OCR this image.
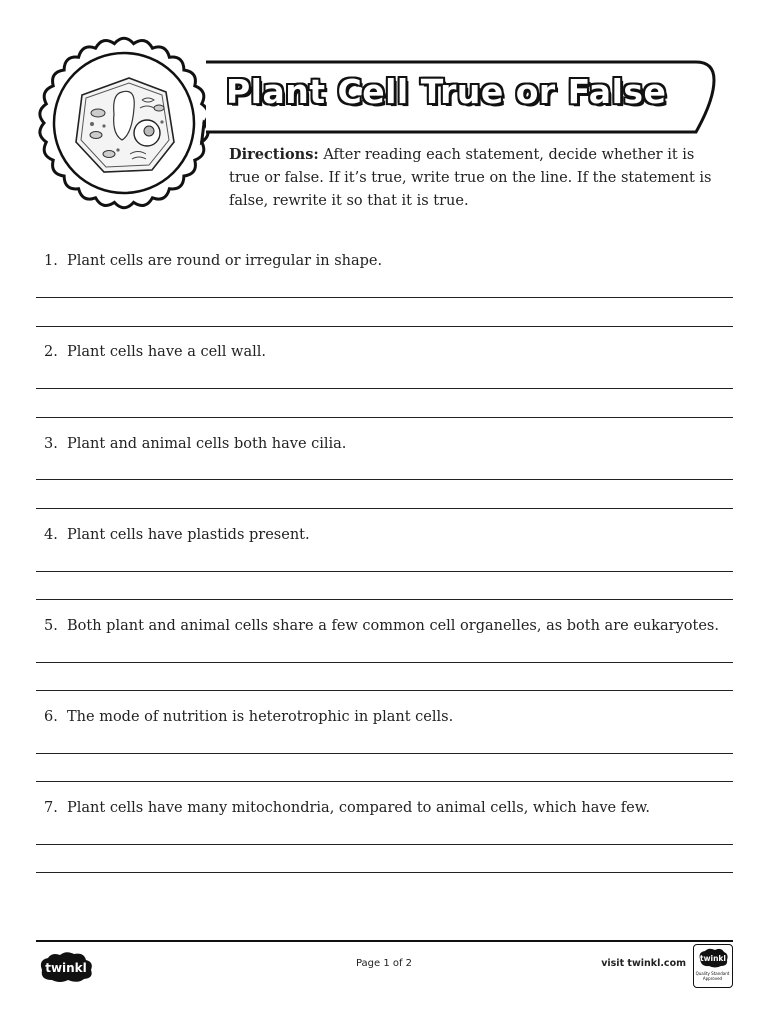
Plant Cell True or False
Directions: After reading each statement, decide whether it is true or false. If it’s true, write true on the line. If the statement is false, rewrite it so that it is true.
1. Plant cells are round or irregular in shape.
2. Plant cells have a cell wall.
3. Plant and animal cells both have cilia.
4. Plant cells have plastids present.
5. Both plant and animal cells share a few common cell organelles, as both are eukaryotes.
6. The mode of nutrition is heterotrophic in plant cells.
7. Plant cells have many mitochondria, compared to animal cells, which have few.
twinkl	Page 1 of 2	visit twinkl.com twinkl
Quality Standard Approved
